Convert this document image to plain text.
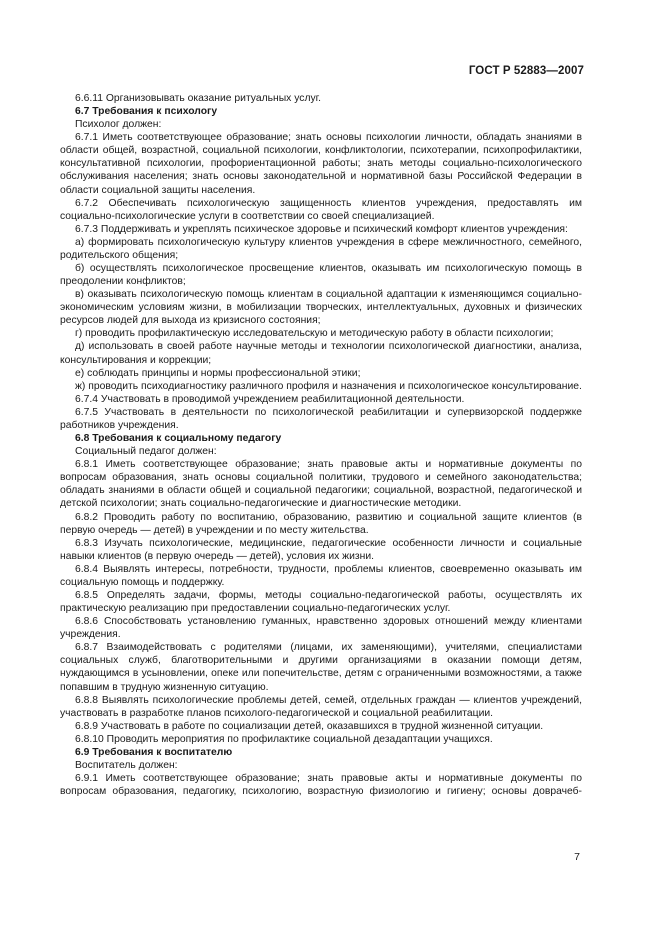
ГОСТ Р 52883—2007

6.6.11 Организовывать оказание ритуальных услуг.

6.7 Требования к психологу

Психолог должен:

6.7.1 Иметь соответствующее образование; знать основы психологии личности, обладать знаниями в области общей, возрастной, социальной психологии, конфликтологии, психотерапии, психопрофилактики, консультативной психологии, профориентационной работы; знать методы социально-психологического обслуживания населения; знать основы законодательной и нормативной базы Российской Федерации в области социальной защиты населения.

6.7.2 Обеспечивать психологическую защищенность клиентов учреждения, предоставлять им социально-психологические услуги в соответствии со своей специализацией.

6.7.3 Поддерживать и укреплять психическое здоровье и психический комфорт клиентов учреждения:

а) формировать психологическую культуру клиентов учреждения в сфере межличностного, семейного, родительского общения;

б) осуществлять психологическое просвещение клиентов, оказывать им психологическую помощь в преодолении конфликтов;

в) оказывать психологическую помощь клиентам в социальной адаптации к изменяющимся социально-экономическим условиям жизни, в мобилизации творческих, интеллектуальных, духовных и физических ресурсов людей для выхода из кризисного состояния;

г) проводить профилактическую исследовательскую и методическую работу в области психологии;

д) использовать в своей работе научные методы и технологии психологической диагностики, анализа, консультирования и коррекции;

е) соблюдать принципы и нормы профессиональной этики;

ж) проводить психодиагностику различного профиля и назначения и психологическое консультирование.

6.7.4 Участвовать в проводимой учреждением реабилитационной деятельности.

6.7.5 Участвовать в деятельности по психологической реабилитации и супервизорской поддержке работников учреждения.

6.8 Требования к социальному педагогу

Социальный педагог должен:

6.8.1 Иметь соответствующее образование; знать правовые акты и нормативные документы по вопросам образования, знать основы социальной политики, трудового и семейного законодательства; обладать знаниями в области общей и социальной педагогики; социальной, возрастной, педагогической и детской психологии; знать социально-педагогические и диагностические методики.

6.8.2 Проводить работу по воспитанию, образованию, развитию и социальной защите клиентов (в первую очередь — детей) в учреждении и по месту жительства.

6.8.3 Изучать психологические, медицинские, педагогические особенности личности и социальные навыки клиентов (в первую очередь — детей), условия их жизни.

6.8.4 Выявлять интересы, потребности, трудности, проблемы клиентов, своевременно оказывать им социальную помощь и поддержку.

6.8.5 Определять задачи, формы, методы социально-педагогической работы, осуществлять их практическую реализацию при предоставлении социально-педагогических услуг.

6.8.6 Способствовать установлению гуманных, нравственно здоровых отношений между клиентами учреждения.

6.8.7 Взаимодействовать с родителями (лицами, их заменяющими), учителями, специалистами социальных служб, благотворительными и другими организациями в оказании помощи детям, нуждающимся в усыновлении, опеке или попечительстве, детям с ограниченными возможностями, а также попавшим в трудную жизненную ситуацию.

6.8.8 Выявлять психологические проблемы детей, семей, отдельных граждан — клиентов учреждений, участвовать в разработке планов психолого-педагогической и социальной реабилитации.

6.8.9 Участвовать в работе по социализации детей, оказавшихся в трудной жизненной ситуации.

6.8.10 Проводить мероприятия по профилактике социальной дезадаптации учащихся.

6.9 Требования к воспитателю

Воспитатель должен:

6.9.1 Иметь соответствующее образование; знать правовые акты и нормативные документы по вопросам образования, педагогику, психологию, возрастную физиологию и гигиену; основы доврачеб-

7
